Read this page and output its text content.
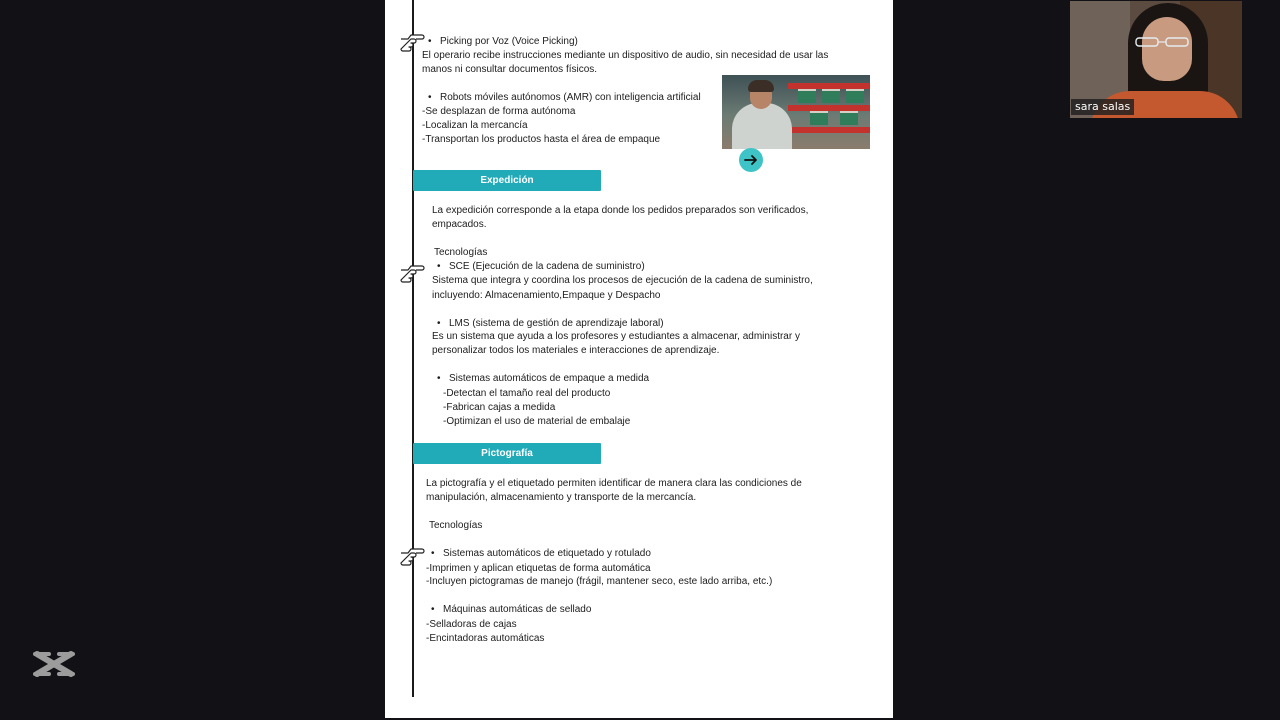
• Picking por Voz (Voice Picking)
El operario recibe instrucciones mediante un dispositivo de audio, sin necesidad de usar las
manos ni consultar documentos físicos.
• Robots móviles autónomos (AMR) con inteligencia artificial
-Se desplazan de forma autónoma
-Localizan la mercancía
-Transportan los productos hasta el área de empaque
Expedición
La expedición corresponde a la etapa donde los pedidos preparados son verificados,
empacados.
Tecnologías
• SCE (Ejecución de la cadena de suministro)
Sistema que integra y coordina los procesos de ejecución de la cadena de suministro,
incluyendo: Almacenamiento,Empaque y Despacho
• LMS (sistema de gestión de aprendizaje laboral)
Es un sistema que ayuda a los profesores y estudiantes a almacenar, administrar y
personalizar todos los materiales e interacciones de aprendizaje.
• Sistemas automáticos de empaque a medida
-Detectan el tamaño real del producto
-Fabrican cajas a medida
-Optimizan el uso de material de embalaje
Pictografía
La pictografía y el etiquetado permiten identificar de manera clara las condiciones de
manipulación, almacenamiento y transporte de la mercancía.
Tecnologías
• Sistemas automáticos de etiquetado y rotulado
-Imprimen y aplican etiquetas de forma automática
-Incluyen pictogramas de manejo (frágil, mantener seco, este lado arriba, etc.)
• Máquinas automáticas de sellado
-Selladoras de cajas
-Encintadoras automáticas
sara salas
